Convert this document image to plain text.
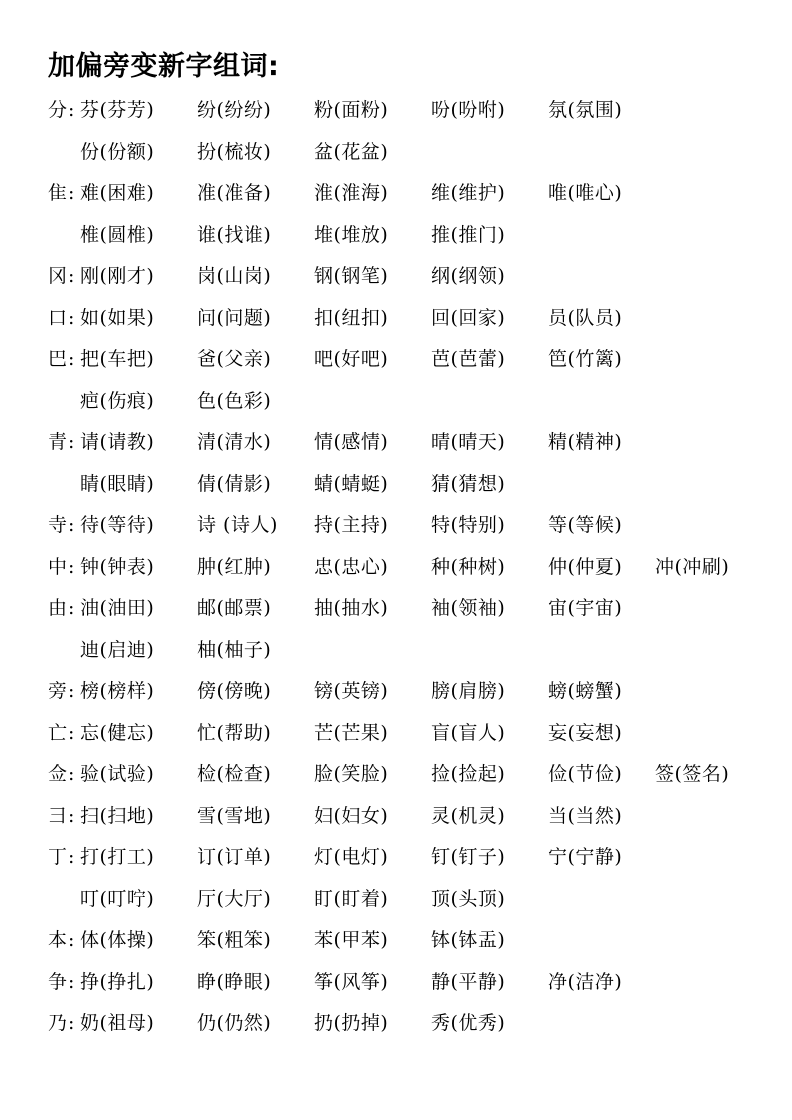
加偏旁变新字组词:
分 : 芬(芬芳) 纷(纷纷) 粉(面粉) 吩(吩咐) 氛(氛围)
份(份额) 扮(梳妆) 盆(花盆)
隹 : 难(困难) 准(准备) 淮(淮海) 维(维护) 唯(唯心)
椎(圆椎) 谁(找谁) 堆(堆放) 推(推门)
冈 : 刚(刚才) 岗(山岗) 钢(钢笔) 纲(纲领)
口 : 如(如果) 问(问题) 扣(纽扣) 回(回家) 员(队员)
巴 : 把(车把) 爸(父亲) 吧(好吧) 芭(芭蕾) 笆(竹篱)
疤(伤痕) 色(色彩)
青 : 请(请教) 清(清水) 情(感情) 晴(晴天) 精(精神)
睛(眼睛) 倩(倩影) 蜻(蜻蜓) 猜(猜想)
寺 : 待(等待) 诗 (诗人) 持(主持) 特(特别) 等(等候)
中 : 钟(钟表) 肿(红肿) 忠(忠心) 种(种树) 仲(仲夏) 冲(冲刷)
由 : 油(油田) 邮(邮票) 抽(抽水) 袖(领袖) 宙(宇宙)
迪(启迪) 柚(柚子)
旁 : 榜(榜样) 傍(傍晚) 镑(英镑) 膀(肩膀) 螃(螃蟹)
亡 : 忘(健忘) 忙(帮助) 芒(芒果) 盲(盲人) 妄(妄想)
佥 : 验(试验) 检(检查) 脸(笑脸) 捡(捡起) 俭(节俭) 签(签名)
彐 : 扫(扫地) 雪(雪地) 妇(妇女) 灵(机灵) 当(当然)
丁 : 打(打工) 订(订单) 灯(电灯) 钉(钉子) 宁(宁静)
叮(叮咛) 厅(大厅) 盯(盯着) 顶(头顶)
本 : 体(体操) 笨(粗笨) 苯(甲苯) 钵(钵盂)
争 : 挣(挣扎) 睁(睁眼) 筝(风筝) 静(平静) 净(洁净)
乃 : 奶(祖母) 仍(仍然) 扔(扔掉) 秀(优秀)
